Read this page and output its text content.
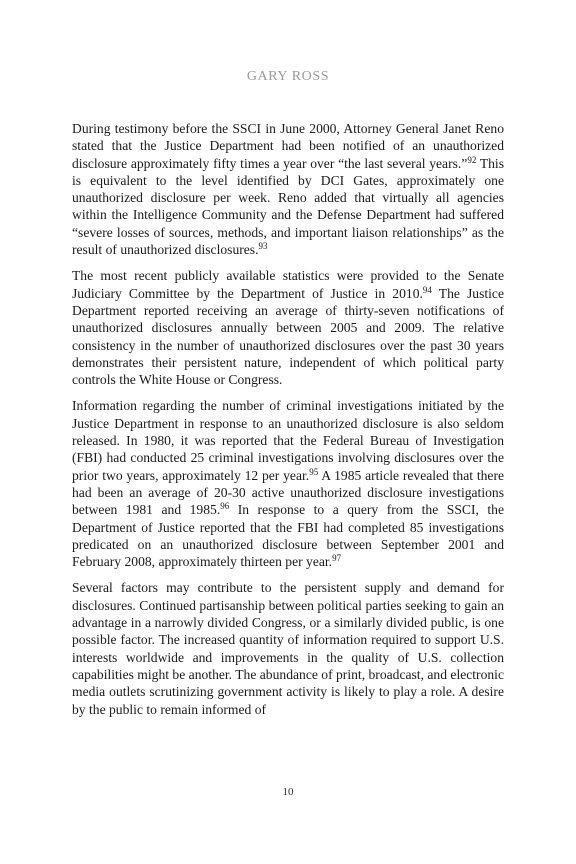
GARY ROSS

During testimony before the SSCI in June 2000, Attorney General Janet Reno stated that the Justice Department had been notified of an unauthorized disclosure approximately fifty times a year over “the last several years.”$^{92}$ This is equivalent to the level identified by DCI Gates, approximately one unauthorized disclosure per week. Reno added that virtually all agencies within the Intelligence Community and the Defense Department had suffered “severe losses of sources, methods, and important liaison relationships” as the result of unauthorized disclosures.$^{93}$

The most recent publicly available statistics were provided to the Senate Judiciary Committee by the Department of Justice in 2010.94 The Justice Department reported receiving an average of thirty-seven notifications of unauthorized disclosures annually between 2005 and 2009. The relative consistency in the number of unauthorized disclosures over the past 30 years demonstrates their persistent nature, independent of which political party controls the White House or Congress.

Information regarding the number of criminal investigations initiated by the Justice Department in response to an unauthorized disclosure is also seldom released. In 1980, it was reported that the Federal Bureau of Investigation (FBI) had conducted 25 criminal investigations involving disclosures over the prior two years, approximately 12 per year.$^{95}$ A 1985 article revealed that there had been an average of 20-30 active unauthorized disclosure investigations between 1981 and 1985.96 In response to a query from the SSCI, the Department of Justice reported that the FBI had completed 85 investigations predicated on an unauthorized disclosure between September 2001 and February 2008, approximately thirteen per year.$^{97}$

Several factors may contribute to the persistent supply and demand for disclosures. Continued partisanship between political parties seeking to gain an advantage in a narrowly divided Congress, or a similarly divided public, is one possible factor. The increased quantity of information required to support U.S. interests worldwide and improvements in the quality of U.S. collection capabilities might be another. The abundance of print, broadcast, and electronic media outlets scrutinizing government activity is likely to play a role. A desire by the public to remain informed of

10
